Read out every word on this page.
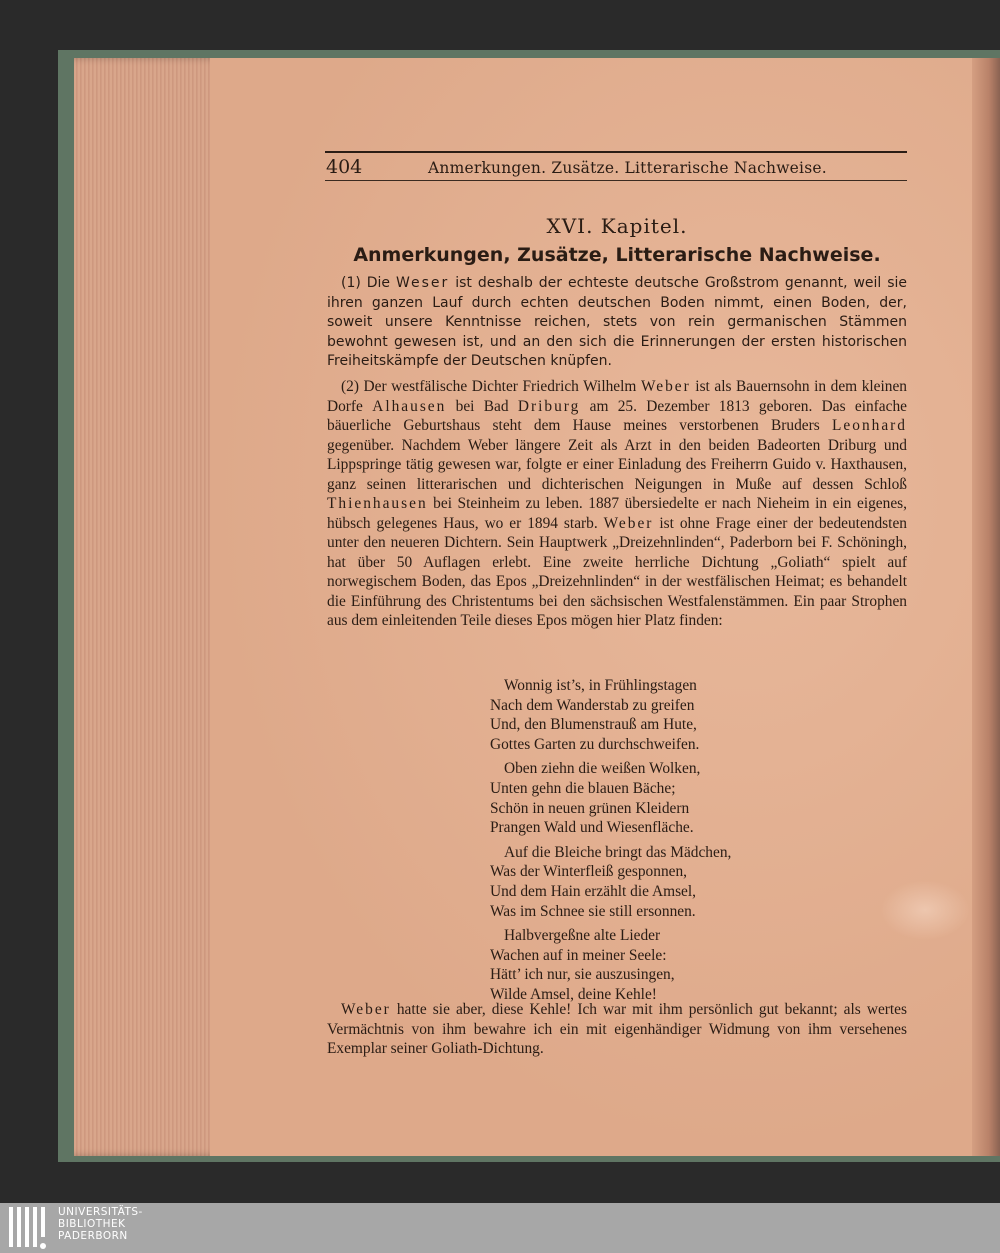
404	Anmerkungen. Zusätze. Litterarische Nachweise.
XVI. Kapitel.
Anmerkungen, Zusätze, Litterarische Nachweise.
(1) Die Weser ist deshalb der echteste deutsche Großstrom genannt, weil sie ihren ganzen Lauf durch echten deutschen Boden nimmt, einen Boden, der, soweit unsere Kenntnisse reichen, stets von rein germanischen Stämmen bewohnt gewesen ist, und an den sich die Erinnerungen der ersten historischen Freiheitskämpfe der Deutschen knüpfen.
(2) Der westfälische Dichter Friedrich Wilhelm Weber ist als Bauernsohn in dem kleinen Dorfe Alhausen bei Bad Driburg am 25. Dezember 1813 geboren. Das einfache bäuerliche Geburtshaus steht dem Hause meines verstorbenen Bruders Leonhard gegenüber. Nachdem Weber längere Zeit als Arzt in den beiden Badeorten Driburg und Lippspringe tätig gewesen war, folgte er einer Einladung des Freiherrn Guido v. Haxthausen, ganz seinen litterarischen und dichterischen Neigungen in Muße auf dessen Schloß Thienhausen bei Steinheim zu leben. 1887 übersiedelte er nach Nieheim in ein eigenes, hübsch gelegenes Haus, wo er 1894 starb. Weber ist ohne Frage einer der bedeutendsten unter den neueren Dichtern. Sein Hauptwerk „Dreizehnlinden“, Paderborn bei F. Schöningh, hat über 50 Auflagen erlebt. Eine zweite herrliche Dichtung „Goliath“ spielt auf norwegischem Boden, das Epos „Dreizehnlinden“ in der westfälischen Heimat; es behandelt die Einführung des Christentums bei den sächsischen Westfalenstämmen. Ein paar Strophen aus dem einleitenden Teile dieses Epos mögen hier Platz finden:
Wonnig ist’s, in Frühlingstagen
Nach dem Wanderstab zu greifen
Und, den Blumenstrauß am Hute,
Gottes Garten zu durchschweifen.
Oben ziehn die weißen Wolken,
Unten gehn die blauen Bäche;
Schön in neuen grünen Kleidern
Prangen Wald und Wiesenfläche.
Auf die Bleiche bringt das Mädchen,
Was der Winterfleiß gesponnen,
Und dem Hain erzählt die Amsel,
Was im Schnee sie still ersonnen.
Halbvergeßne alte Lieder
Wachen auf in meiner Seele:
Hätt’ ich nur, sie auszusingen,
Wilde Amsel, deine Kehle!
Weber hatte sie aber, diese Kehle! Ich war mit ihm persönlich gut bekannt; als wertes Vermächtnis von ihm bewahre ich ein mit eigenhändiger Widmung von ihm versehenes Exemplar seiner Goliath-Dichtung.
UNIVERSITÄTS-
BIBLIOTHEK
PADERBORN
